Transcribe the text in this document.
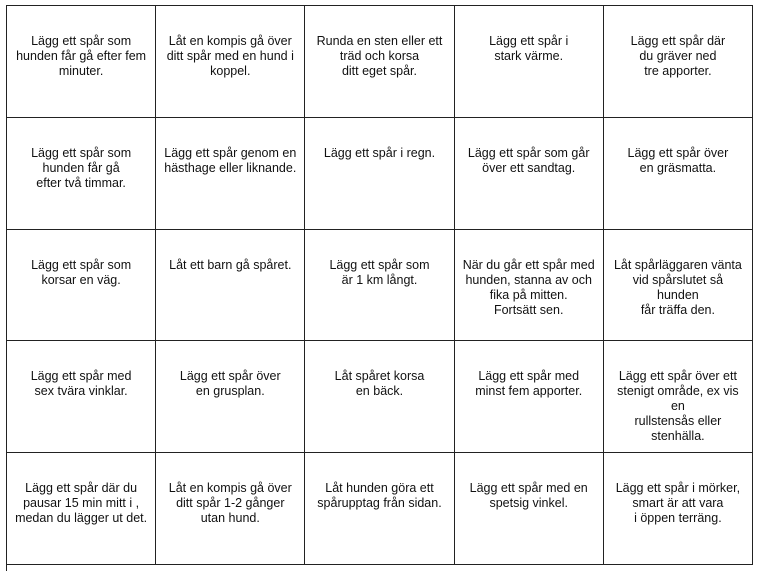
Lägg ett spår som
hunden får gå efter fem
minuter.
Låt en kompis gå över
ditt spår med en hund i
koppel.
Runda en sten eller ett
träd och korsa
ditt eget spår.
Lägg ett spår i
stark värme.
Lägg ett spår där
du gräver ned
tre apporter.
Lägg ett spår som
hunden får gå
efter två timmar.
Lägg ett spår genom en
hästhage eller liknande.
Lägg ett spår i regn.	Lägg ett spår som går
över ett sandtag.
Lägg ett spår över
en gräsmatta.
Lägg ett spår som
korsar en väg.
Låt ett barn gå spåret.	Lägg ett spår som
är 1 km långt.
När du går ett spår med
hunden, stanna av och
fika på mitten.
Fortsätt sen.
Låt spårläggaren vänta
vid spårslutet så hunden
får träffa den.
Lägg ett spår med
sex tvära vinklar.
Lägg ett spår över
en grusplan.
Låt spåret korsa
en bäck.
Lägg ett spår med
minst fem apporter.
Lägg ett spår över ett
stenigt område, ex vis en
rullstensås eller
stenhälla.
Lägg ett spår där du
pausar 15 min mitt i ,
medan du lägger ut det.
Låt en kompis gå över
ditt spår 1-2 gånger
utan hund.
Låt hunden göra ett
spårupptag från sidan.
Lägg ett spår med en
spetsig vinkel.
Lägg ett spår i mörker,
smart är att vara
i öppen terräng.
